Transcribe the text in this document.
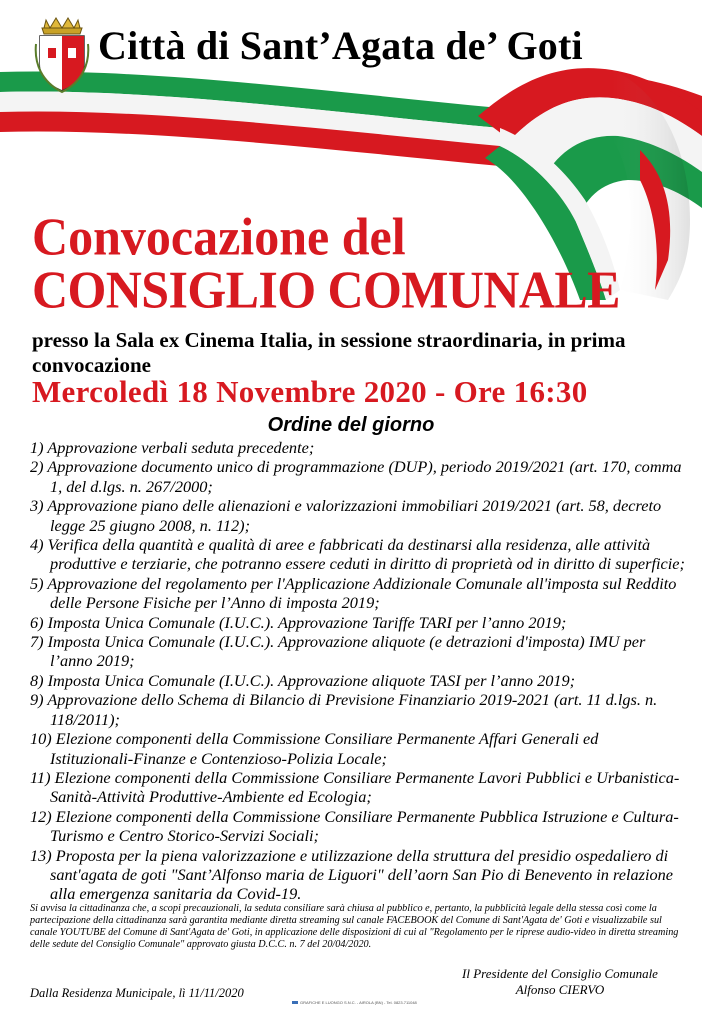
Città di Sant’Agata de’ Goti
Convocazione del
CONSIGLIO COMUNALE
presso la Sala ex Cinema Italia, in sessione straordinaria, in prima convocazione
Mercoledì 18 Novembre 2020 - Ore 16:30
Ordine del giorno
1) Approvazione verbali seduta precedente;
2) Approvazione documento unico di programmazione (DUP), periodo 2019/2021 (art. 170, comma 1, del d.lgs. n. 267/2000;
3) Approvazione piano delle alienazioni e valorizzazioni immobiliari 2019/2021 (art. 58, decreto legge 25 giugno 2008, n. 112);
4) Verifica della quantità e qualità di aree e fabbricati da destinarsi alla residenza, alle attività produttive e terziarie, che potranno essere ceduti in diritto di proprietà od in diritto di superficie;
5) Approvazione del regolamento per l'Applicazione Addizionale Comunale all'imposta sul Reddito delle Persone Fisiche per l’Anno di imposta 2019;
6) Imposta Unica Comunale (I.U.C.). Approvazione Tariffe TARI per l’anno 2019;
7) Imposta Unica Comunale (I.U.C.). Approvazione aliquote (e detrazioni d'imposta) IMU per l’anno 2019;
8) Imposta Unica Comunale (I.U.C.). Approvazione aliquote TASI per l’anno 2019;
9) Approvazione dello Schema di Bilancio di Previsione Finanziario 2019-2021 (art. 11 d.lgs. n. 118/2011);
10) Elezione componenti della Commissione Consiliare Permanente Affari Generali ed Istituzionali-Finanze e Contenzioso-Polizia Locale;
11) Elezione componenti della Commissione Consiliare Permanente Lavori Pubblici e Urbanistica-Sanità-Attività Produttive-Ambiente ed Ecologia;
12) Elezione componenti della Commissione Consiliare Permanente Pubblica Istruzione e Cultura-Turismo e Centro Storico-Servizi Sociali;
13) Proposta per la piena valorizzazione e utilizzazione della struttura del presidio ospedaliero di sant'agata de goti "Sant’Alfonso maria de Liguori" dell’aorn San Pio di Benevento in relazione alla emergenza sanitaria da Covid-19.
Si avvisa la cittadinanza che, a scopi precauzionali, la seduta consiliare sarà chiusa al pubblico e, pertanto, la pubblicità legale della stessa così come la partecipazione della cittadinanza sarà garantita mediante diretta streaming sul canale FACEBOOK del Comune di Sant'Agata de' Goti e visualizzabile sul canale YOUTUBE del Comune di Sant'Agata de' Goti, in applicazione delle disposizioni di cui al "Regolamento per le riprese audio-video in diretta streaming delle sedute del Consiglio Comunale" approvato giusta D.C.C. n. 7 del 20/04/2020.
Il Presidente del Consiglio Comunale
Alfonso CIERVO
Dalla Residenza Municipale, lì 11/11/2020
GRAFICHE E LUONGO S.N.C. - AIROLA (BN) - Tel. 0823.711048
